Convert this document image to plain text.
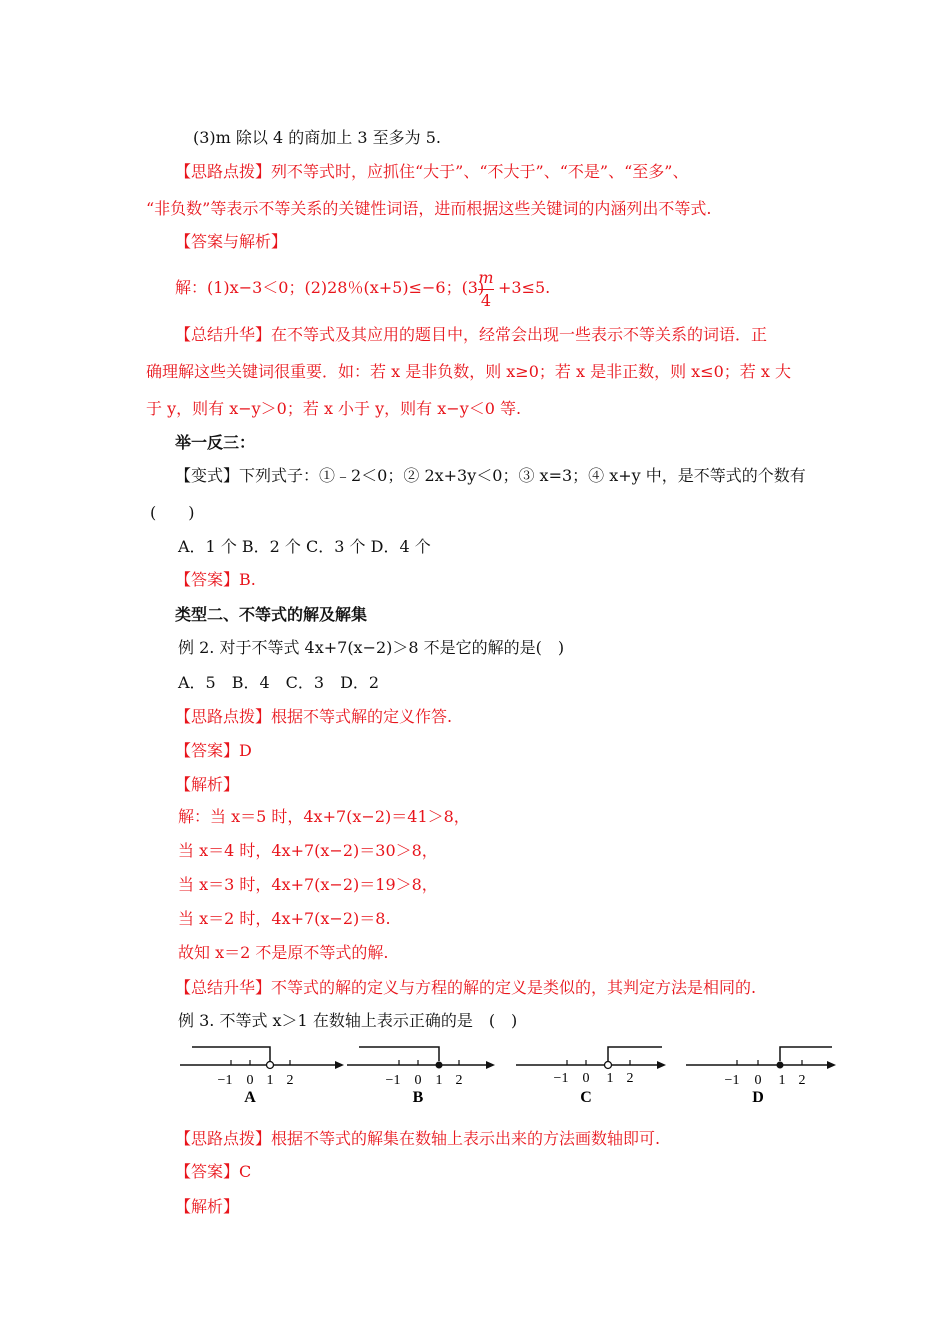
(3)m 除以 4 的商加上 3 至多为 5.
【思路点拨】列不等式时，应抓住“大于”、“不大于”、“不是”、“至多”、
“非负数”等表示不等关系的关键性词语，进而根据这些关键词的内涵列出不等式.
【答案与解析】
解：(1)x−3＜0；(2)28％(x+5)≤−6；(3)
m
4
+3≤5.
【总结升华】在不等式及其应用的题目中，经常会出现一些表示不等关系的词语．正
确理解这些关键词很重要．如：若 x 是非负数，则 x≥0；若 x 是非正数，则 x≤0；若 x 大
于 y，则有 x−y＞0；若 x 小于 y，则有 x−y＜0 等.
举一反三：
【变式】下列式子：①﹣2＜0；② 2x+3y＜0；③ x=3；④ x+y 中，是不等式的个数有
(　　)
A．1 个 B．2 个 C．3 个 D．4 个
【答案】B.
类型二、不等式的解及解集
例 2. 对于不等式 4x+7(x−2)＞8 不是它的解的是(　)
A．5　B．4　C．3　D．2
【思路点拨】根据不等式解的定义作答.
【答案】D
【解析】
解：当 x＝5 时，4x+7(x−2)＝41＞8，
当 x＝4 时，4x+7(x−2)＝30＞8，
当 x＝3 时，4x+7(x−2)＝19＞8，
当 x＝2 时，4x+7(x−2)＝8.
故知 x＝2 不是原不等式的解.
【总结升华】不等式的解的定义与方程的解的定义是类似的，其判定方法是相同的.
例 3. 不等式 x＞1 在数轴上表示正确的是　(　)
−1 0 1 2
A
−1 0 1 2
B
−1 0 1 2
C
−1 0 1 2
D
【思路点拨】根据不等式的解集在数轴上表示出来的方法画数轴即可.
【答案】C
【解析】
